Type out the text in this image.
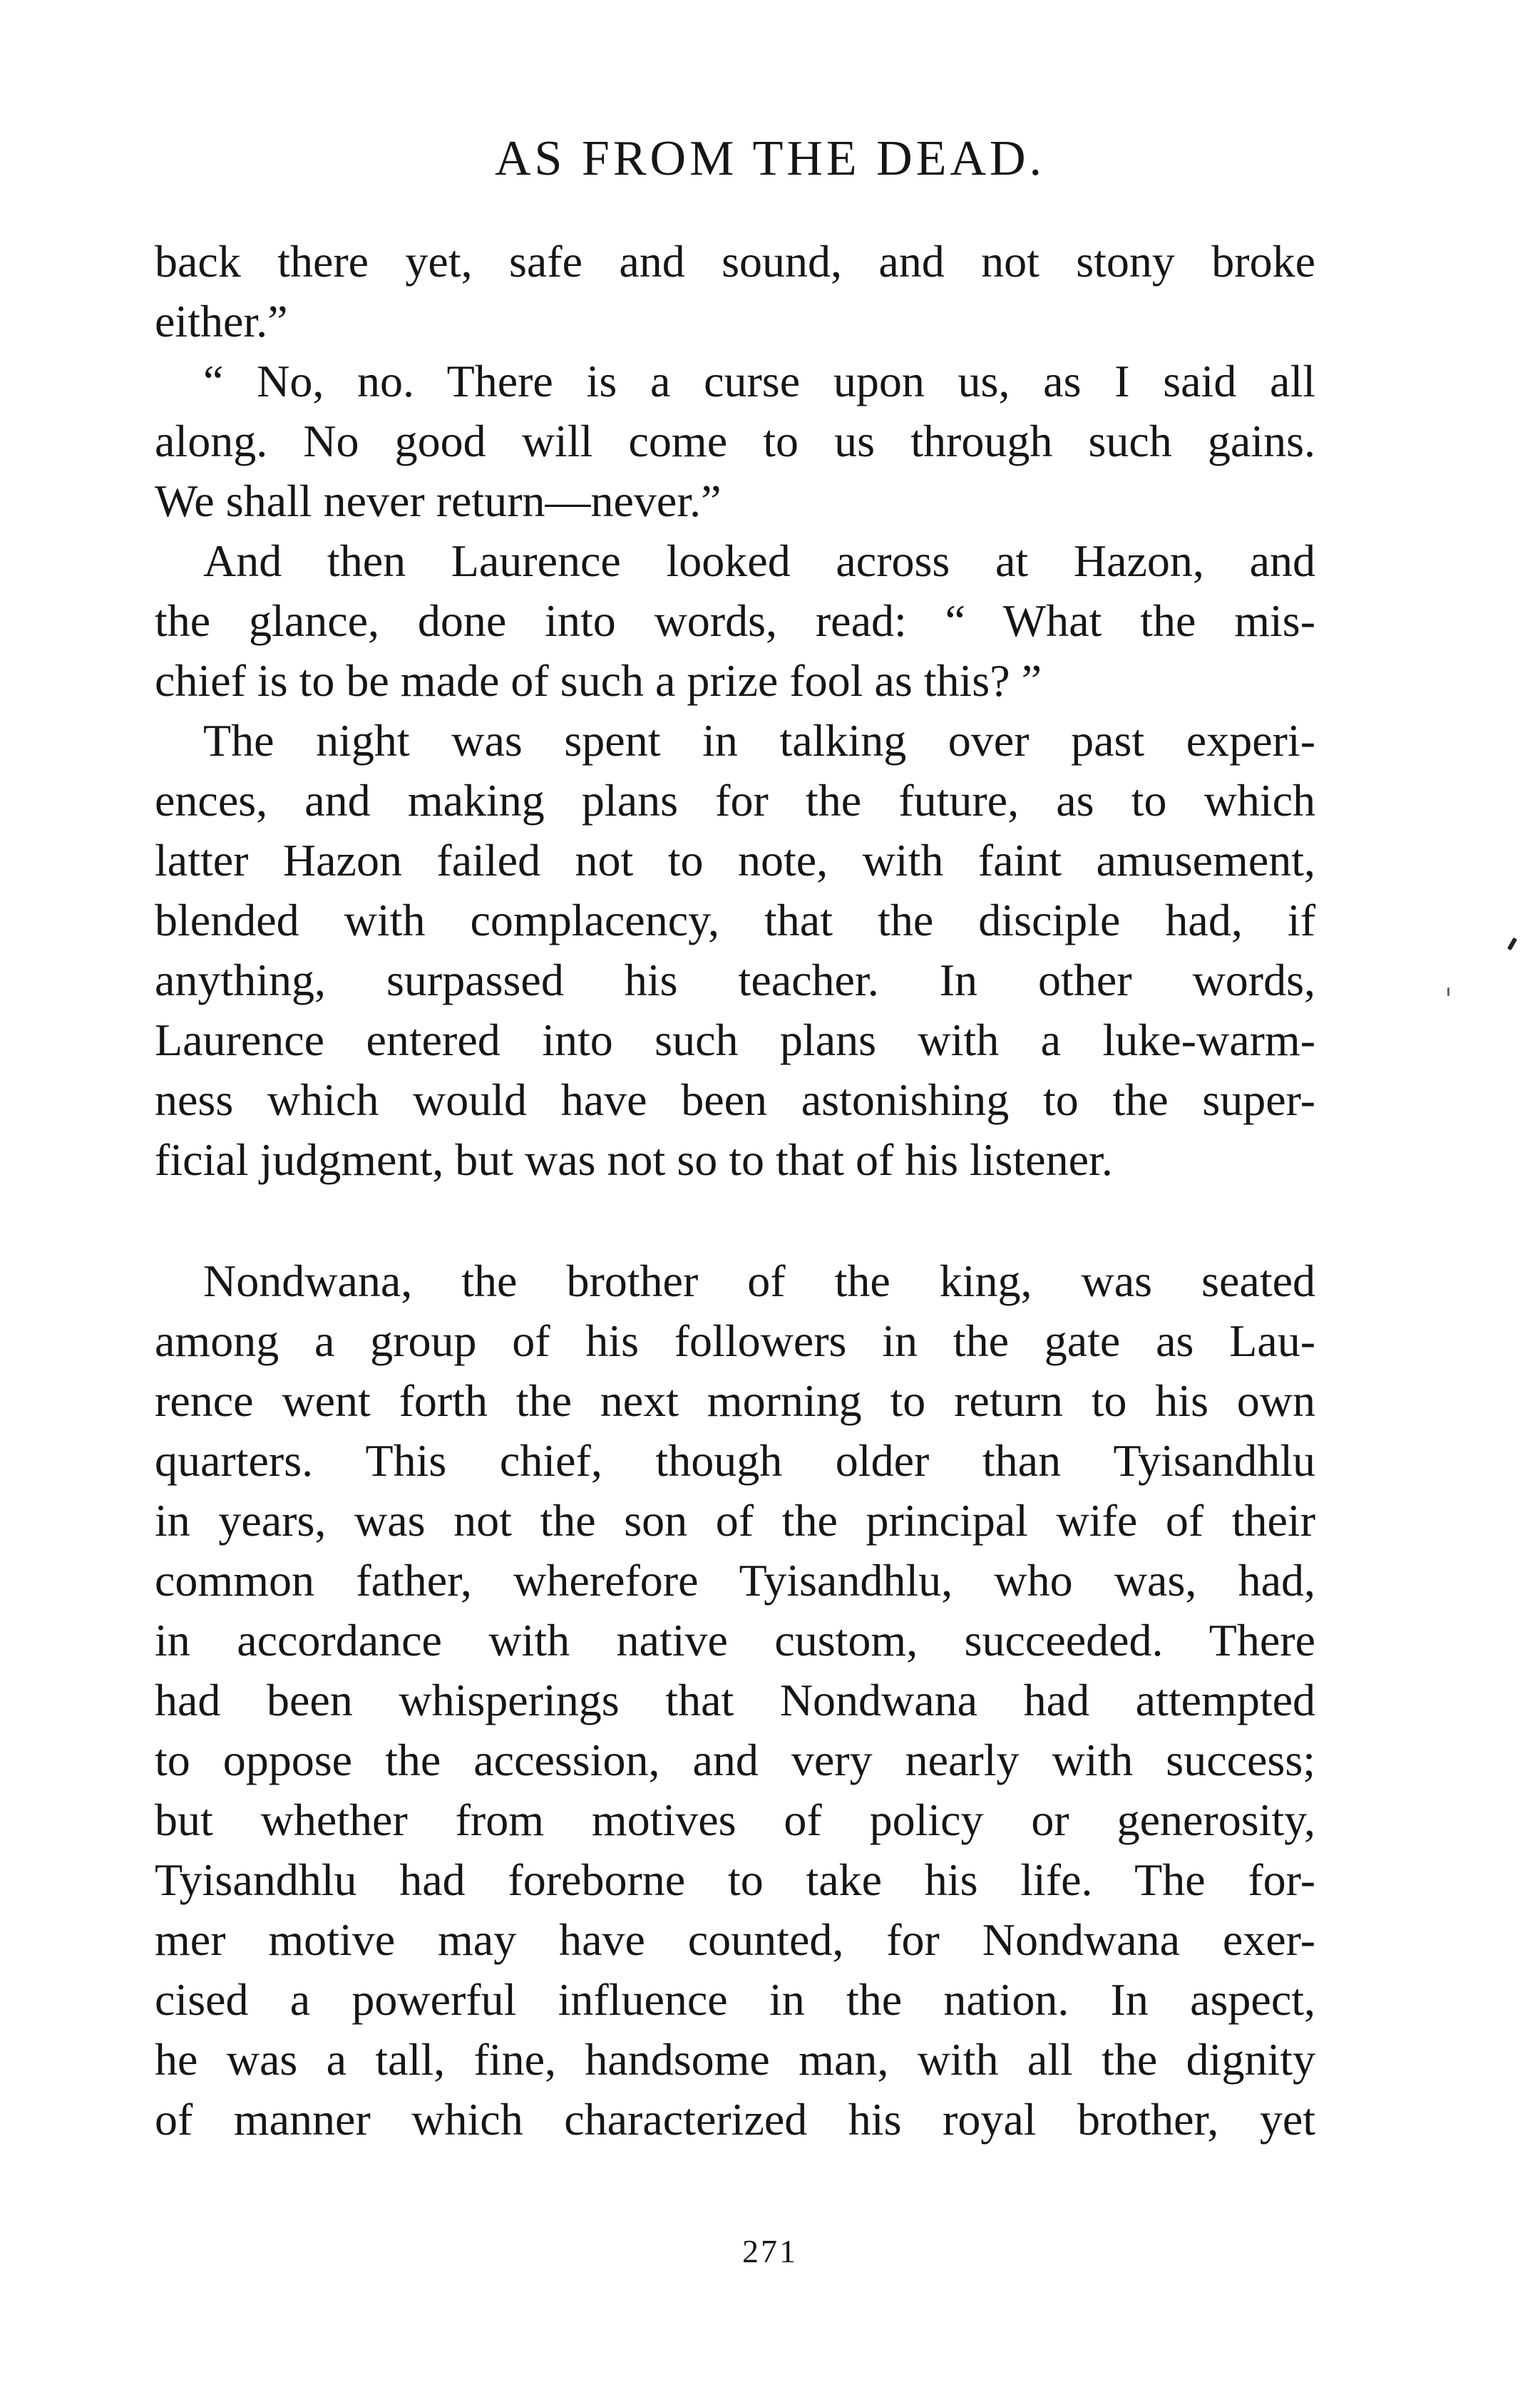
AS FROM THE DEAD.
back there yet, safe and sound, and not stony broke
either.”
“ No, no. There is a curse upon us, as I said all
along. No good will come to us through such gains.
We shall never return—never.”
And then Laurence looked across at Hazon, and
the glance, done into words, read: “ What the mis-
chief is to be made of such a prize fool as this? ”
The night was spent in talking over past experi-
ences, and making plans for the future, as to which
latter Hazon failed not to note, with faint amusement,
blended with complacency, that the disciple had, if
anything, surpassed his teacher. In other words,
Laurence entered into such plans with a luke-warm-
ness which would have been astonishing to the super-
ficial judgment, but was not so to that of his listener.
Nondwana, the brother of the king, was seated
among a group of his followers in the gate as Lau-
rence went forth the next morning to return to his own
quarters. This chief, though older than Tyisandhlu
in years, was not the son of the principal wife of their
common father, wherefore Tyisandhlu, who was, had,
in accordance with native custom, succeeded. There
had been whisperings that Nondwana had attempted
to oppose the accession, and very nearly with success;
but whether from motives of policy or generosity,
Tyisandhlu had foreborne to take his life. The for-
mer motive may have counted, for Nondwana exer-
cised a powerful influence in the nation. In aspect,
he was a tall, fine, handsome man, with all the dignity
of manner which characterized his royal brother, yet
271
